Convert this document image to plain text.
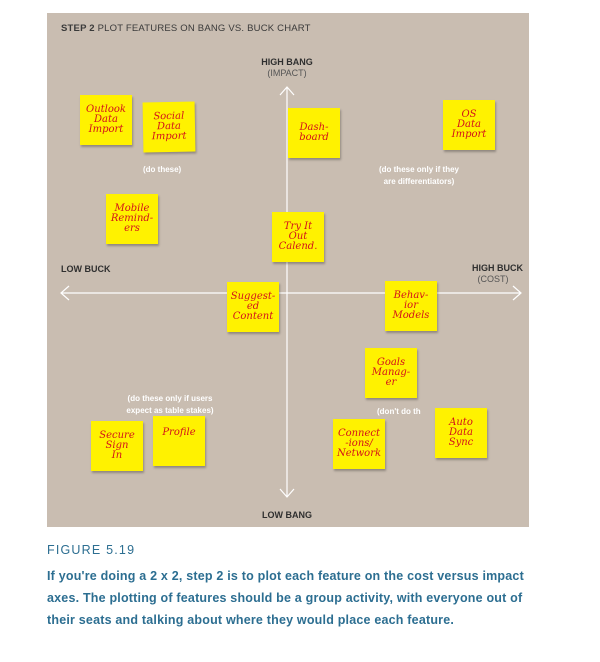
STEP 2 PLOT FEATURES ON BANG VS. BUCK CHART
HIGH BANG
(IMPACT)
LOW BANG
LOW BUCK	HIGH BUCK
(COST)
(do these)	(do these only if they
are differentiators)
(do these only if users
expect as table stakes)	(don't do th
Outlook
Data
Import
Social
Data
Import
Dash-
board
OS
Data
Import
Mobile
Remind-
ers	Try It
Out
Calend.
Suggest-
ed
Content
Behav-
ior
Models
Goals
Manag-
er
Secure
Sign
In
Profile	Connect
-ions/
Network
Auto
Data
Sync
FIGURE 5.19
If you're doing a 2 x 2, step 2 is to plot each feature on the cost versus impact axes. The plotting of features should be a group activity, with everyone out of their seats and talking about where they would place each feature.
